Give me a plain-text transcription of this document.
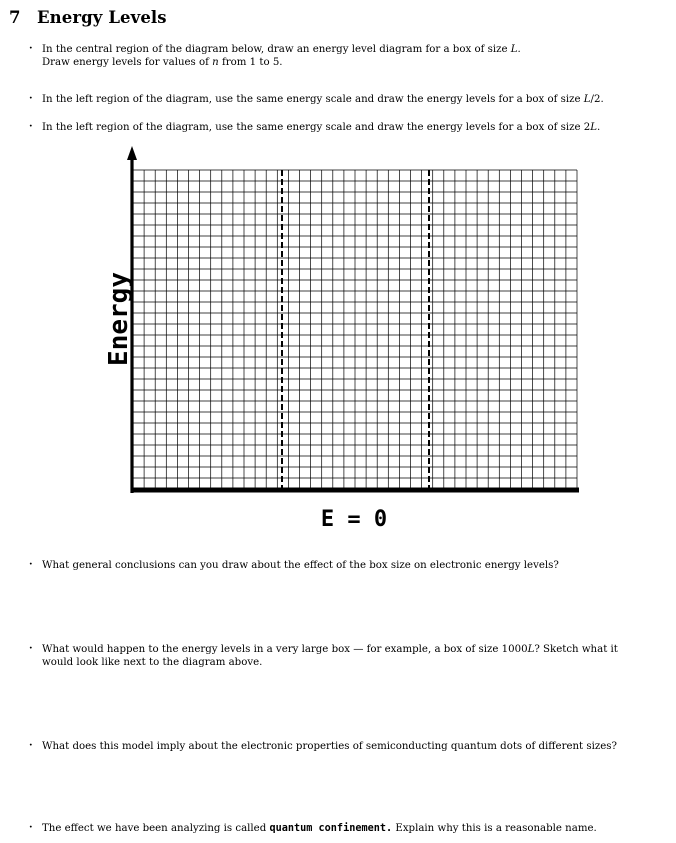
7 Energy Levels
· In the central region of the diagram below, draw an energy level diagram for a box of size L.
Draw energy levels for values of n from 1 to 5.
· In the left region of the diagram, use the same energy scale and draw the energy levels for a box of size L/2.
· In the left region of the diagram, use the same energy scale and draw the energy levels for a box of size 2L.
Energy
E = 0
· What general conclusions can you draw about the effect of the box size on electronic energy levels?
· What would happen to the energy levels in a very large box — for example, a box of size 1000L? Sketch what it
would look like next to the diagram above.
· What does this model imply about the electronic properties of semiconducting quantum dots of different sizes?
· The effect we have been analyzing is called quantum confinement. Explain why this is a reasonable name.
